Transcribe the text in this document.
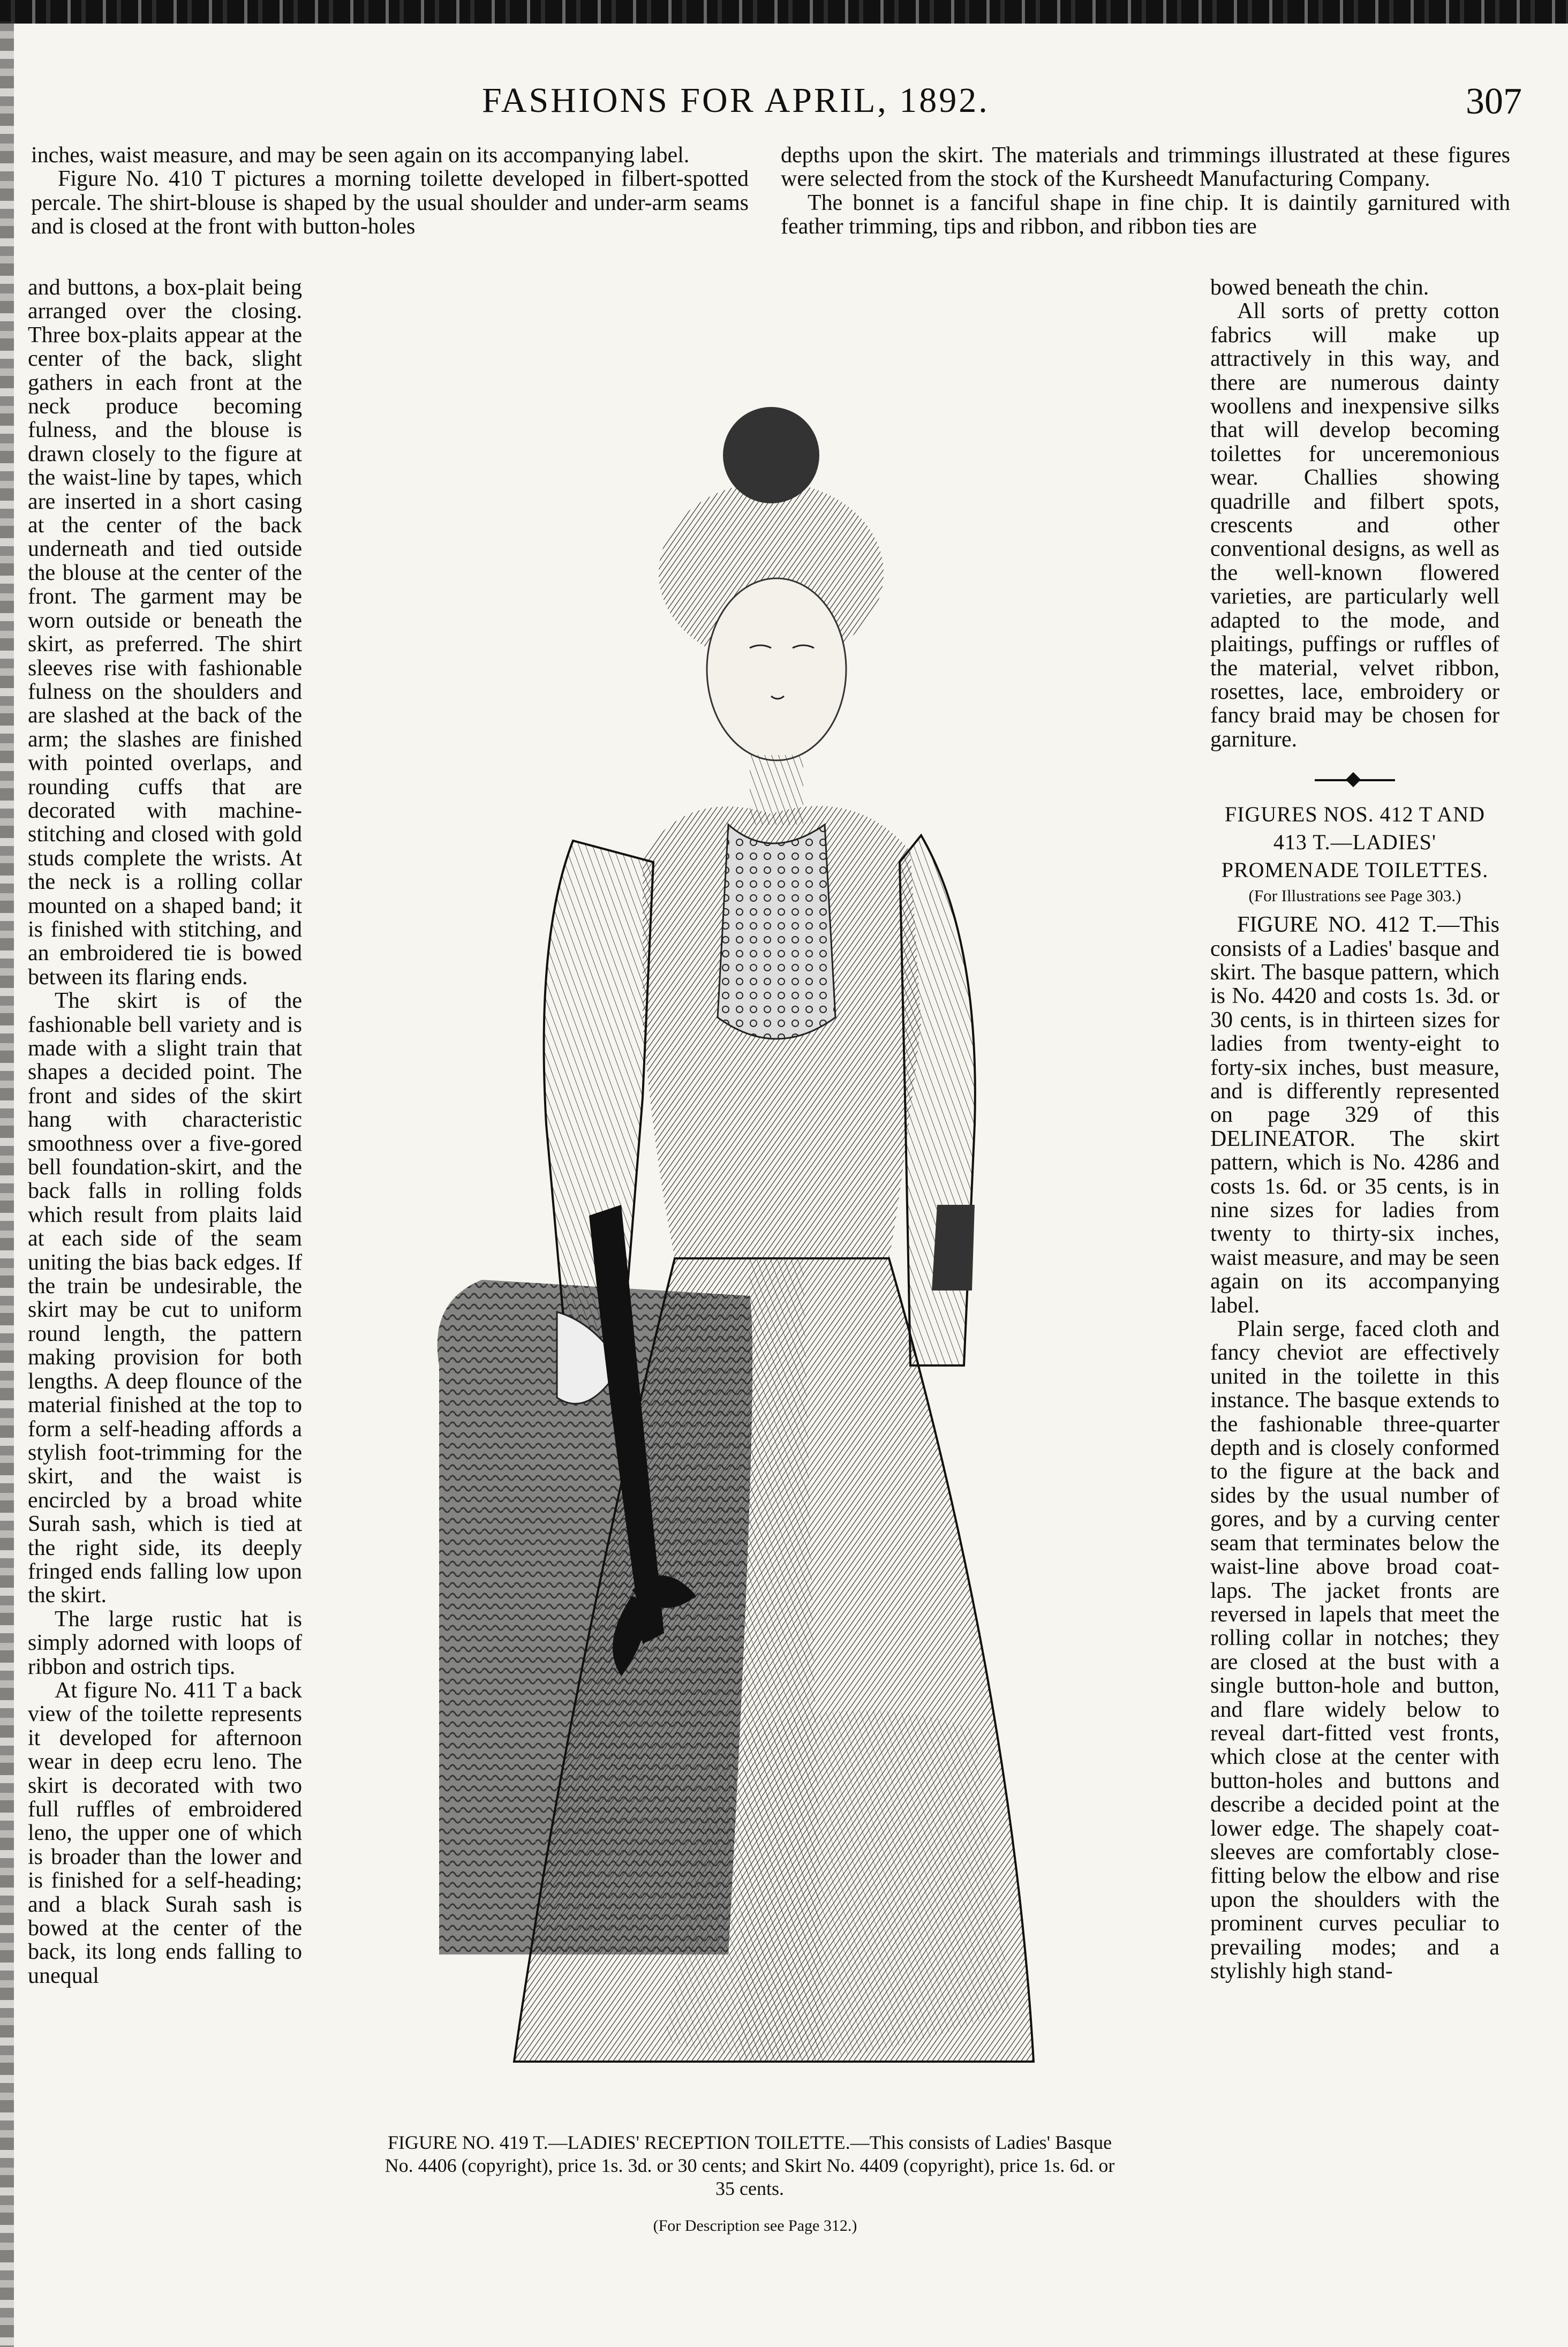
FASHIONS FOR APRIL, 1892.	307

inches, waist measure, and may be seen again on its accompanying label.

Figure No. 410 T pictures a morning toilette developed in filbert-spotted percale. The shirt-blouse is shaped by the usual shoulder and under-arm seams and is closed at the front with button-holes

and buttons, a box-plait being arranged over the closing. Three box-plaits appear at the center of the back, slight gathers in each front at the neck produce becoming fulness, and the blouse is drawn closely to the figure at the waist-line by tapes, which are inserted in a short casing at the center of the back underneath and tied outside the blouse at the center of the front. The garment may be worn outside or beneath the skirt, as preferred. The shirt sleeves rise with fashionable fulness on the shoulders and are slashed at the back of the arm; the slashes are finished with pointed overlaps, and rounding cuffs that are decorated with machine-stitching and closed with gold studs complete the wrists. At the neck is a rolling collar mounted on a shaped band; it is finished with stitching, and an embroidered tie is bowed between its flaring ends.

The skirt is of the fashionable bell variety and is made with a slight train that shapes a decided point. The front and sides of the skirt hang with characteristic smoothness over a five-gored bell foundation-skirt, and the back falls in rolling folds which result from plaits laid at each side of the seam uniting the bias back edges. If the train be undesirable, the skirt may be cut to uniform round length, the pattern making provision for both lengths. A deep flounce of the material finished at the top to form a self-heading affords a stylish foot-trimming for the skirt, and the waist is encircled by a broad white Surah sash, which is tied at the right side, its deeply fringed ends falling low upon the skirt.

The large rustic hat is simply adorned with loops of ribbon and ostrich tips.

At figure No. 411 T a back view of the toilette represents it developed for afternoon wear in deep ecru leno. The skirt is decorated with two full ruffles of embroidered leno, the upper one of which is broader than the lower and is finished for a self-heading; and a black Surah sash is bowed at the center of the back, its long ends falling to unequal

depths upon the skirt. The materials and trimmings illustrated at these figures were selected from the stock of the Kursheedt Manufacturing Company.

The bonnet is a fanciful shape in fine chip. It is daintily garnitured with feather trimming, tips and ribbon, and ribbon ties are

bowed beneath the chin.

All sorts of pretty cotton fabrics will make up attractively in this way, and there are numerous dainty woollens and inexpensive silks that will develop becoming toilettes for unceremonious wear. Challies showing quadrille and filbert spots, crescents and other conventional designs, as well as the well-known flowered varieties, are particularly well adapted to the mode, and plaitings, puffings or ruffles of the material, velvet ribbon, rosettes, lace, embroidery or fancy braid may be chosen for garniture.

FIGURES NOS. 412 T AND 413 T.—LADIES' PROMENADE TOILETTES.
(For Illustrations see Page 303.)

FIGURE NO. 412 T.—This consists of a Ladies' basque and skirt. The basque pattern, which is No. 4420 and costs 1s. 3d. or 30 cents, is in thirteen sizes for ladies from twenty-eight to forty-six inches, bust measure, and is differently represented on page 329 of this DELINEATOR. The skirt pattern, which is No. 4286 and costs 1s. 6d. or 35 cents, is in nine sizes for ladies from twenty to thirty-six inches, waist measure, and may be seen again on its accompanying label.

Plain serge, faced cloth and fancy cheviot are effectively united in the toilette in this instance. The basque extends to the fashionable three-quarter depth and is closely conformed to the figure at the back and sides by the usual number of gores, and by a curving center seam that terminates below the waist-line above broad coat-laps. The jacket fronts are reversed in lapels that meet the rolling collar in notches; they are closed at the bust with a single button-hole and button, and flare widely below to reveal dart-fitted vest fronts, which close at the center with button-holes and buttons and describe a decided point at the lower edge. The shapely coat-sleeves are comfortably close-fitting below the elbow and rise upon the shoulders with the prominent curves peculiar to prevailing modes; and a stylishly high stand-

FIGURE NO. 419 T.—LADIES' RECEPTION TOILETTE.—This consists of Ladies' Basque No. 4406 (copyright), price 1s. 3d. or 30 cents; and Skirt No. 4409 (copyright), price 1s. 6d. or 35 cents.
(For Description see Page 312.)
